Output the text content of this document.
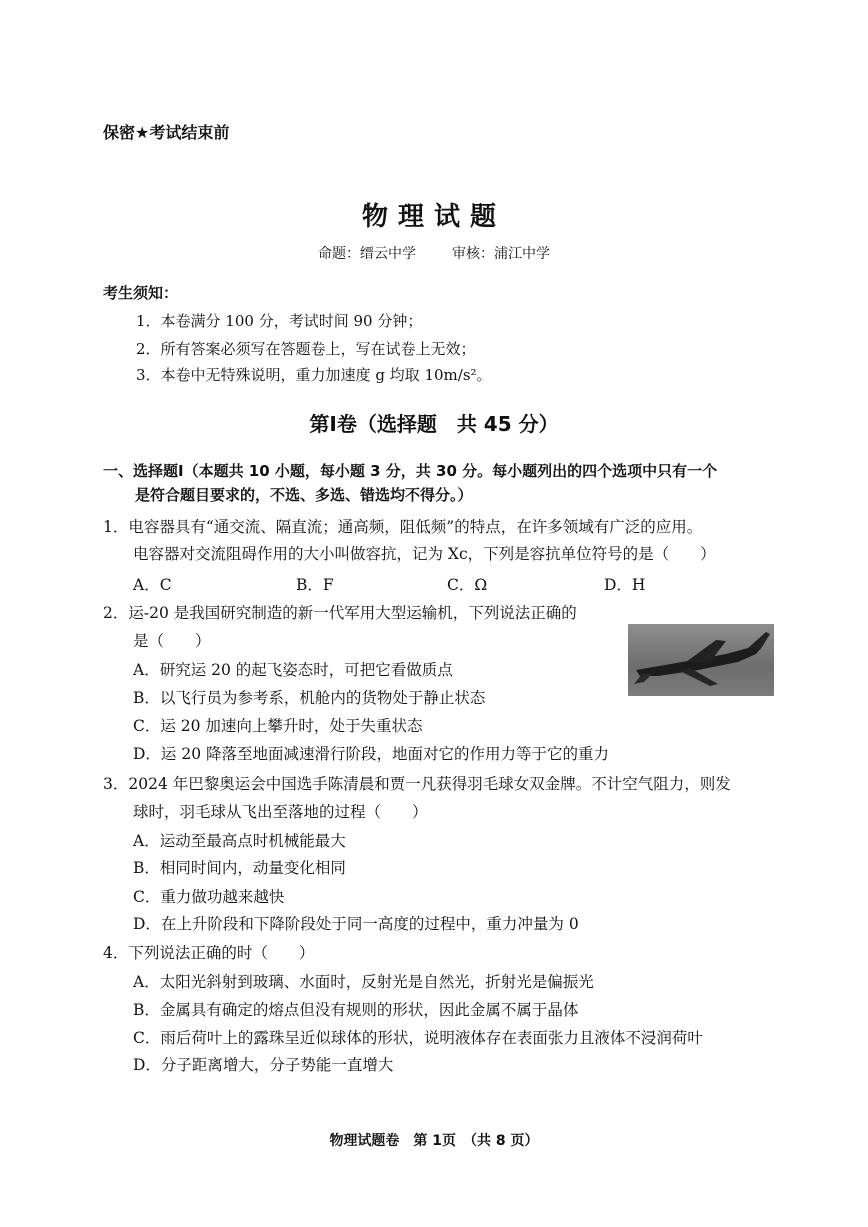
保密★考试结束前
物理试题
命题：缙云中学	审核：浦江中学
考生须知：
1．本卷满分 100 分，考试时间 90 分钟；
2．所有答案必须写在答题卷上，写在试卷上无效；
3．本卷中无特殊说明，重力加速度 g 均取 10m/s²。
第Ⅰ卷（选择题　共 45 分）
一、选择题Ⅰ（本题共 10 小题，每小题 3 分，共 30 分。每小题列出的四个选项中只有一个
是符合题目要求的，不选、多选、错选均不得分。）
1．电容器具有“通交流、隔直流；通高频，阻低频”的特点，在许多领域有广泛的应用。
电容器对交流阻碍作用的大小叫做容抗，记为 Xc，下列是容抗单位符号的是（　　）
A．C	B．F	C．Ω	D．H
2．运-20 是我国研究制造的新一代军用大型运输机，下列说法正确的
是（　　）
A．研究运 20 的起飞姿态时，可把它看做质点
B．以飞行员为参考系，机舱内的货物处于静止状态
C．运 20 加速向上攀升时，处于失重状态
D．运 20 降落至地面减速滑行阶段，地面对它的作用力等于它的重力
3．2024 年巴黎奥运会中国选手陈清晨和贾一凡获得羽毛球女双金牌。不计空气阻力，则发
球时，羽毛球从飞出至落地的过程（　　）
A．运动至最高点时机械能最大
B．相同时间内，动量变化相同
C．重力做功越来越快
D．在上升阶段和下降阶段处于同一高度的过程中，重力冲量为 0
4．下列说法正确的时（　　）
A．太阳光斜射到玻璃、水面时，反射光是自然光，折射光是偏振光
B．金属具有确定的熔点但没有规则的形状，因此金属不属于晶体
C．雨后荷叶上的露珠呈近似球体的形状，说明液体存在表面张力且液体不浸润荷叶
D．分子距离增大，分子势能一直增大
物理试题卷　第 1页　（共 8 页）
